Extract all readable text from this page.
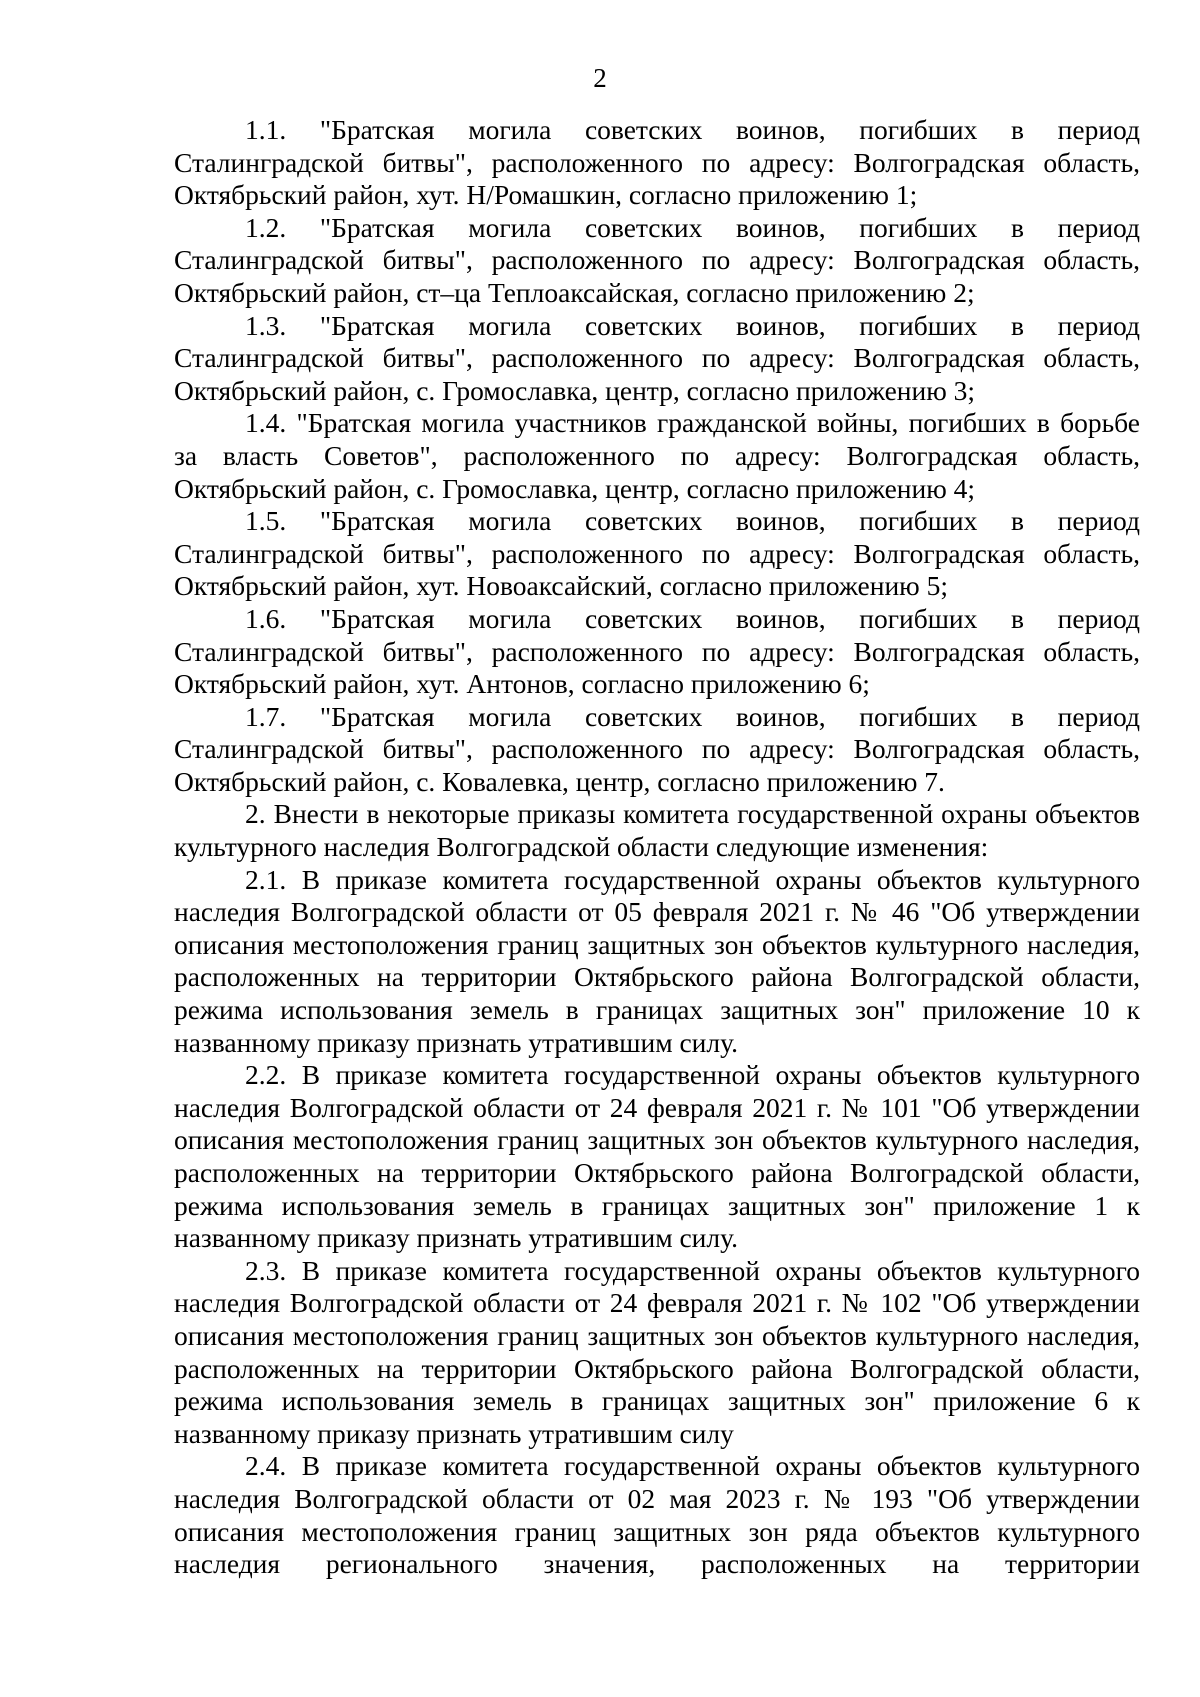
2

1.1. "Братская могила советских воинов, погибших в период Сталинградской битвы", расположенного по адресу: Волгоградская область, Октябрьский район, хут. Н/Ромашкин, согласно приложению 1;

1.2. "Братская могила советских воинов, погибших в период Сталинградской битвы", расположенного по адресу: Волгоградская область, Октябрьский район, ст–ца Теплоаксайская, согласно приложению 2;

1.3. "Братская могила советских воинов, погибших в период Сталинградской битвы", расположенного по адресу: Волгоградская область, Октябрьский район, с. Громославка, центр, согласно приложению 3;

1.4. "Братская могила участников гражданской войны, погибших в борьбе за власть Советов", расположенного по адресу: Волгоградская область, Октябрьский район, с. Громославка, центр, согласно приложению 4;

1.5. "Братская могила советских воинов, погибших в период Сталинградской битвы", расположенного по адресу: Волгоградская область, Октябрьский район, хут. Новоаксайский, согласно приложению 5;

1.6. "Братская могила советских воинов, погибших в период Сталинградской битвы", расположенного по адресу: Волгоградская область, Октябрьский район, хут. Антонов, согласно приложению 6;

1.7. "Братская могила советских воинов, погибших в период Сталинградской битвы", расположенного по адресу: Волгоградская область, Октябрьский район, с. Ковалевка, центр, согласно приложению 7.

2. Внести в некоторые приказы комитета государственной охраны объектов культурного наследия Волгоградской области следующие изменения:

2.1. В приказе комитета государственной охраны объектов культурного наследия Волгоградской области от 05 февраля 2021 г. № 46 "Об утверждении описания местоположения границ защитных зон объектов культурного наследия, расположенных на территории Октябрьского района Волгоградской области, режима использования земель в границах защитных зон" приложение 10 к названному приказу признать утратившим силу.

2.2. В приказе комитета государственной охраны объектов культурного наследия Волгоградской области от 24 февраля 2021 г. № 101 "Об утверждении описания местоположения границ защитных зон объектов культурного наследия, расположенных на территории Октябрьского района Волгоградской области, режима использования земель в границах защитных зон" приложение 1 к названному приказу признать утратившим силу.

2.3. В приказе комитета государственной охраны объектов культурного наследия Волгоградской области от 24 февраля 2021 г. № 102 "Об утверждении описания местоположения границ защитных зон объектов культурного наследия, расположенных на территории Октябрьского района Волгоградской области, режима использования земель в границах защитных зон" приложение 6 к названному приказу признать утратившим силу

2.4. В приказе комитета государственной охраны объектов культурного наследия Волгоградской области от 02 мая 2023 г. № 193 "Об утверждении описания местоположения границ защитных зон ряда объектов культурного наследия регионального значения, расположенных на территории
